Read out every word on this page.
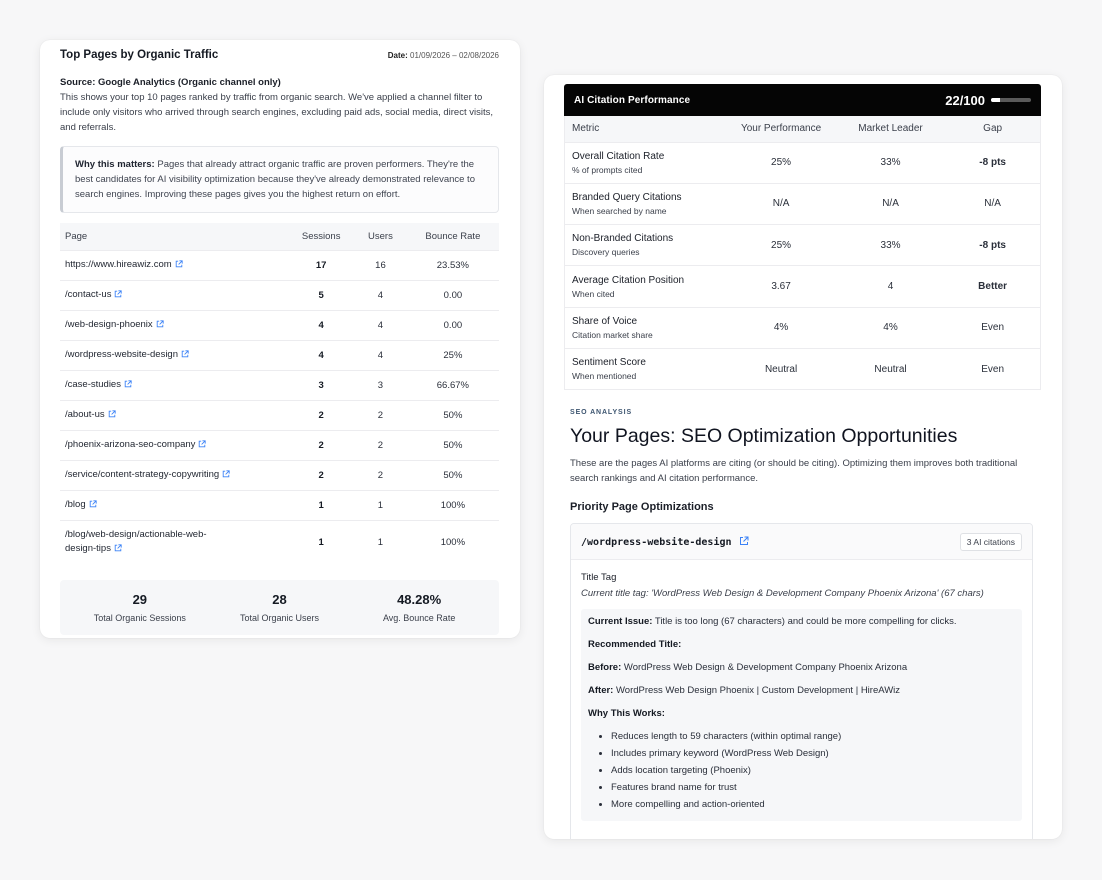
Top Pages by Organic Traffic	Date: 01/09/2026 – 02/08/2026
Source: Google Analytics (Organic channel only)
This shows your top 10 pages ranked by traffic from organic search. We've applied a channel filter to include only visitors who arrived through search engines, excluding paid ads, social media, direct visits, and referrals.
Why this matters: Pages that already attract organic traffic are proven performers. They're the best candidates for AI visibility optimization because they've already demonstrated relevance to search engines. Improving these pages gives you the highest return on effort.
Page	Sessions	Users	Bounce Rate
https://www.hireawiz.com	17	16	23.53%
/contact-us	5	4	0.00
/web-design-phoenix	4	4	0.00
/wordpress-website-design	4	4	25%
/case-studies	3	3	66.67%
/about-us	2	2	50%
/phoenix-arizona-seo-company	2	2	50%
/service/content-strategy-copywriting	2	2	50%
/blog	1	1	100%
/blog/web-design/actionable-web-design-tips	1	1	100%
29
Total Organic Sessions
28
Total Organic Users
48.28%
Avg. Bounce Rate
AI Citation Performance	22/100
Metric	Your Performance	Market Leader	Gap

Overall Citation Rate
% of prompts cited	25%	33%	-8 pts

Branded Query Citations
When searched by name	N/A	N/A	N/A

Non-Branded Citations
Discovery queries	25%	33%	-8 pts

Average Citation Position
When cited	3.67	4	Better

Share of Voice
Citation market share	4%	4%	Even

Sentiment Score
When mentioned	Neutral	Neutral	Even
SEO ANALYSIS
Your Pages: SEO Optimization Opportunities
These are the pages AI platforms are citing (or should be citing). Optimizing them improves both traditional search rankings and AI citation performance.
Priority Page Optimizations
/wordpress-website-design	3 AI citations
Title Tag
Current title tag: 'WordPress Web Design & Development Company Phoenix Arizona' (67 chars)

Current Issue: Title is too long (67 characters) and could be more compelling for clicks.

Recommended Title:

Before: WordPress Web Design & Development Company Phoenix Arizona

After: WordPress Web Design Phoenix | Custom Development | HireAWiz

Why This Works:

• Reduces length to 59 characters (within optimal range)
• Includes primary keyword (WordPress Web Design)
• Adds location targeting (Phoenix)
• Features brand name for trust
• More compelling and action-oriented
